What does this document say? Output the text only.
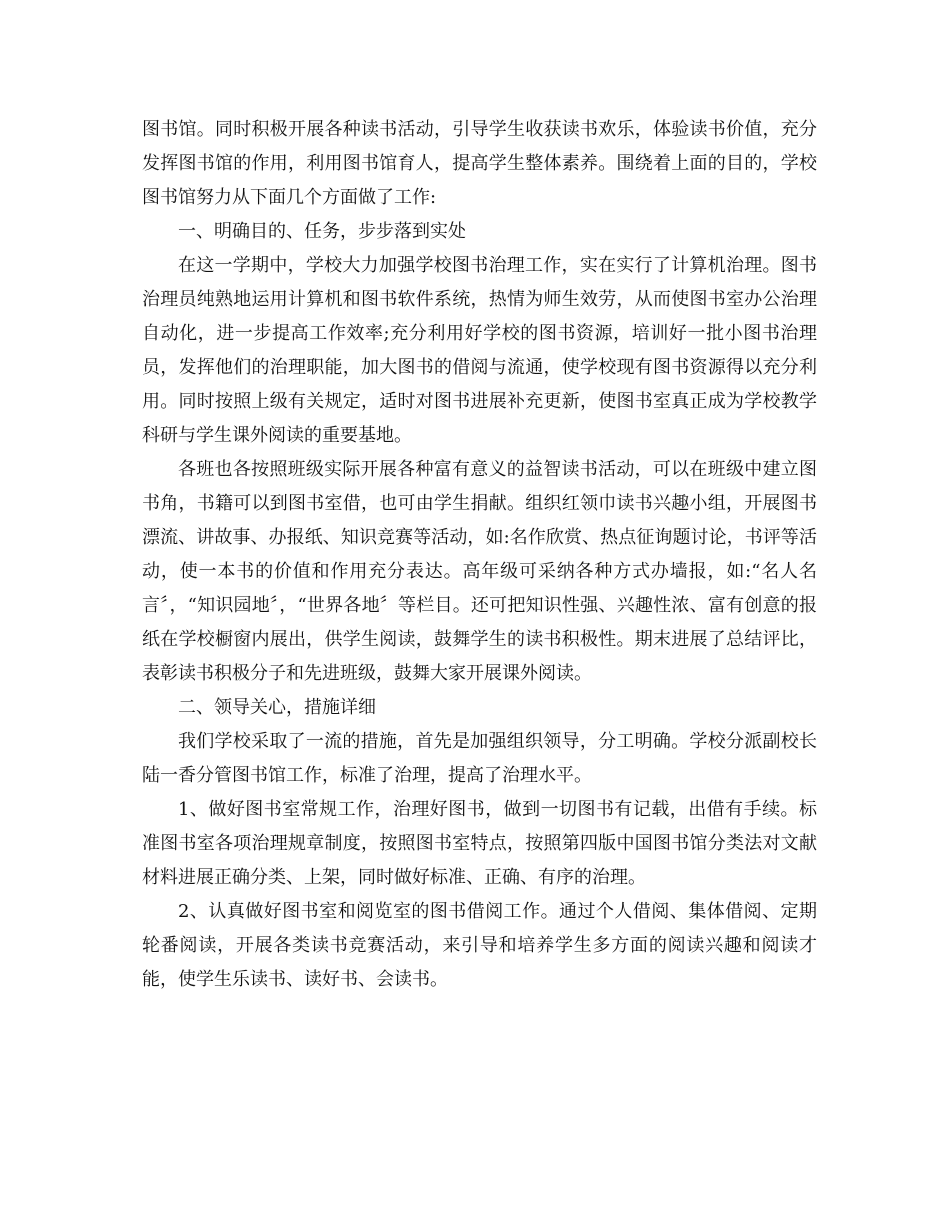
图书馆。同时积极开展各种读书活动，引导学生收获读书欢乐，体验读书价值，充分发挥图书馆的作用，利用图书馆育人，提高学生整体素养。围绕着上面的目的，学校图书馆努力从下面几个方面做了工作:

一、明确目的、任务，步步落到实处

在这一学期中，学校大力加强学校图书治理工作，实在实行了计算机治理。图书治理员纯熟地运用计算机和图书软件系统，热情为师生效劳，从而使图书室办公治理自动化，进一步提高工作效率;充分利用好学校的图书资源，培训好一批小图书治理员，发挥他们的治理职能，加大图书的借阅与流通，使学校现有图书资源得以充分利用。同时按照上级有关规定，适时对图书进展补充更新，使图书室真正成为学校教学科研与学生课外阅读的重要基地。

各班也各按照班级实际开展各种富有意义的益智读书活动，可以在班级中建立图书角，书籍可以到图书室借，也可由学生捐献。组织红领巾读书兴趣小组，开展图书漂流、讲故事、办报纸、知识竞赛等活动，如:名作欣赏、热点征询题讨论，书评等活动，使一本书的价值和作用充分表达。高年级可采纳各种方式办墙报，如:“名人名言〞，“知识园地〞，“世界各地〞等栏目。还可把知识性强、兴趣性浓、富有创意的报纸在学校橱窗内展出，供学生阅读，鼓舞学生的读书积极性。期末进展了总结评比，表彰读书积极分子和先进班级，鼓舞大家开展课外阅读。

二、领导关心，措施详细

我们学校采取了一流的措施，首先是加强组织领导，分工明确。学校分派副校长陆一香分管图书馆工作，标准了治理，提高了治理水平。

1、做好图书室常规工作，治理好图书，做到一切图书有记载，出借有手续。标准图书室各项治理规章制度，按照图书室特点，按照第四版中国图书馆分类法对文献材料进展正确分类、上架，同时做好标准、正确、有序的治理。

2、认真做好图书室和阅览室的图书借阅工作。通过个人借阅、集体借阅、定期轮番阅读，开展各类读书竞赛活动，来引导和培养学生多方面的阅读兴趣和阅读才能，使学生乐读书、读好书、会读书。
